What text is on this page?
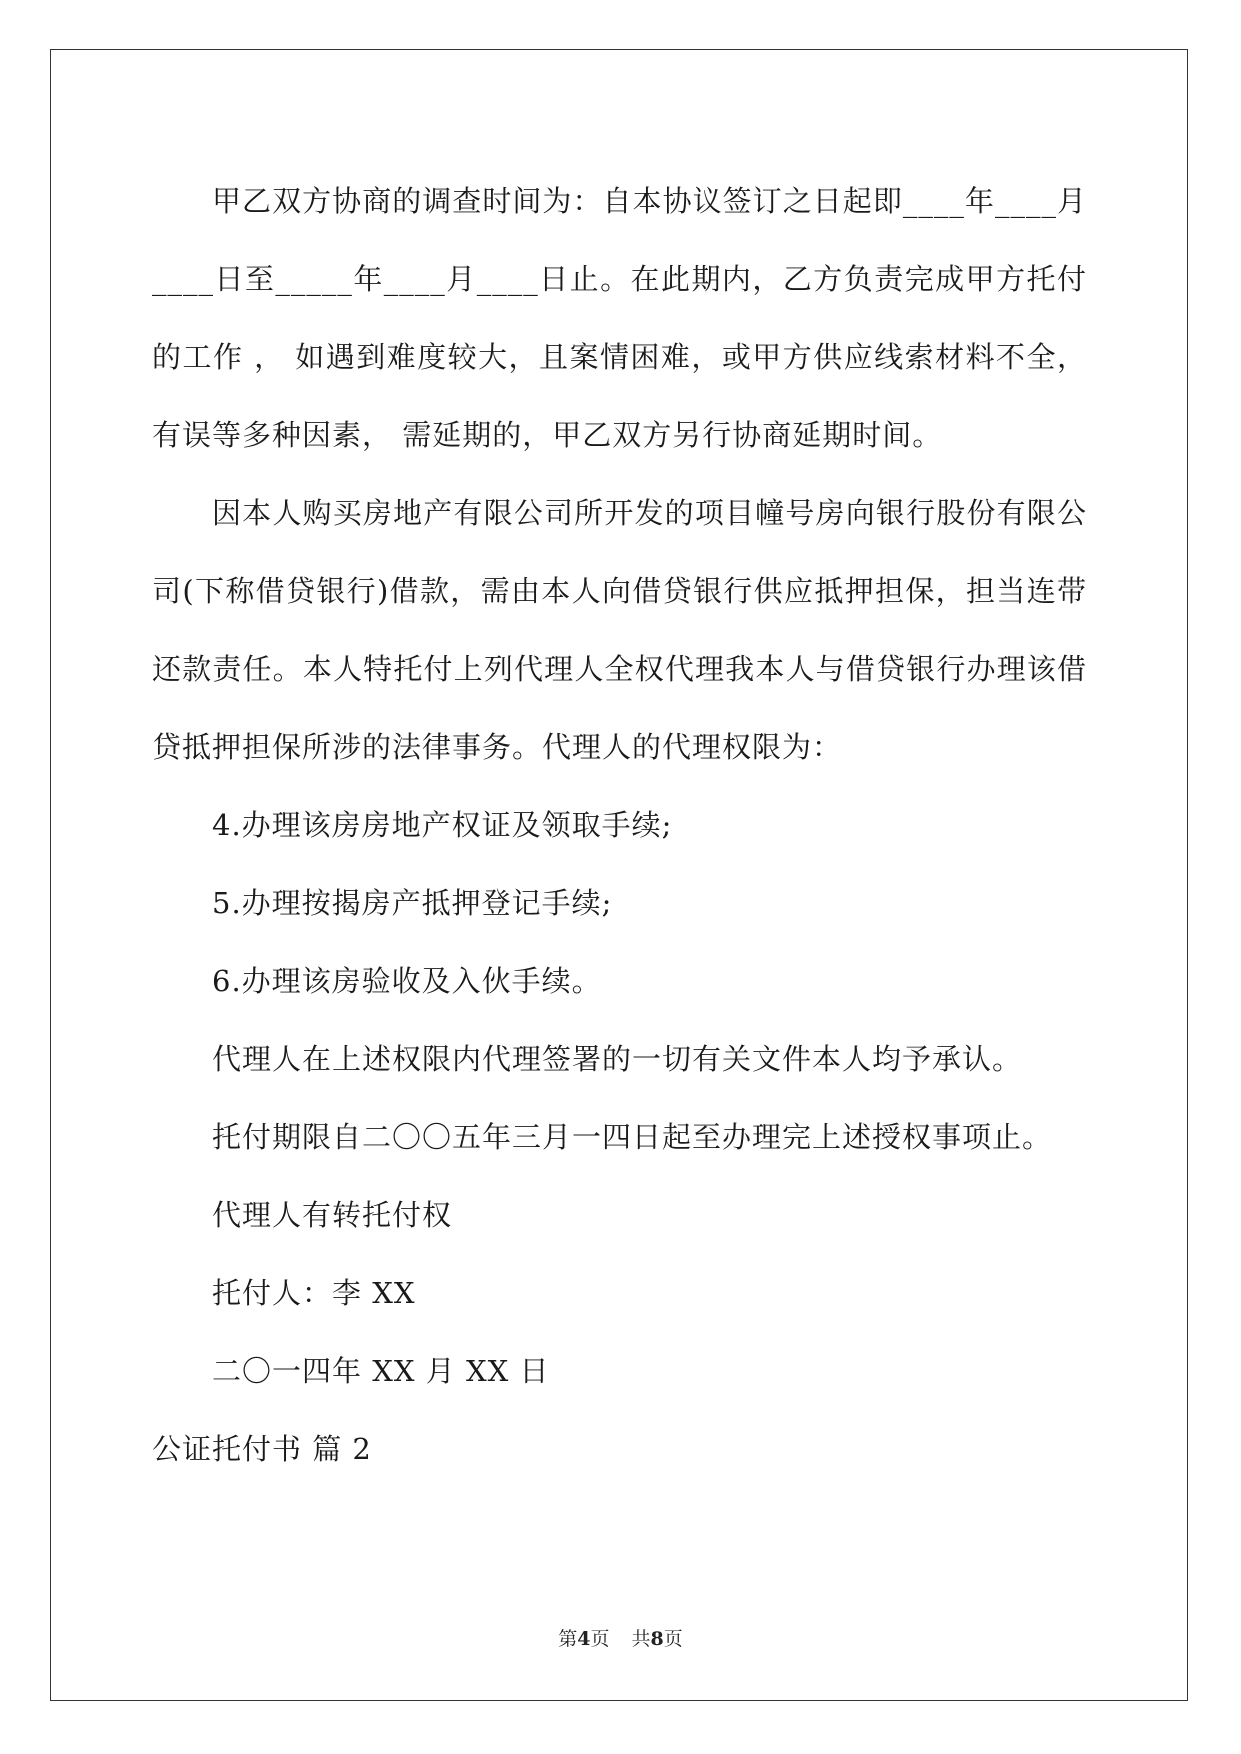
甲乙双方协商的调查时间为：自本协议签订之日起即____年____月____日至_____年____月____日止。在此期内，乙方负责完成甲方托付的工作 ， 如遇到难度较大，且案情困难，或甲方供应线索材料不全，有误等多种因素， 需延期的，甲乙双方另行协商延期时间。

因本人购买房地产有限公司所开发的项目幢号房向银行股份有限公司(下称借贷银行)借款，需由本人向借贷银行供应抵押担保，担当连带还款责任。本人特托付上列代理人全权代理我本人与借贷银行办理该借贷抵押担保所涉的法律事务。代理人的代理权限为：

4.办理该房房地产权证及领取手续;

5.办理按揭房产抵押登记手续;

6.办理该房验收及入伙手续。

代理人在上述权限内代理签署的一切有关文件本人均予承认。

托付期限自二〇〇五年三月一四日起至办理完上述授权事项止。

代理人有转托付权

托付人：李 XX

二〇一四年 XX 月 XX 日

公证托付书 篇 2

第4页 共8页
